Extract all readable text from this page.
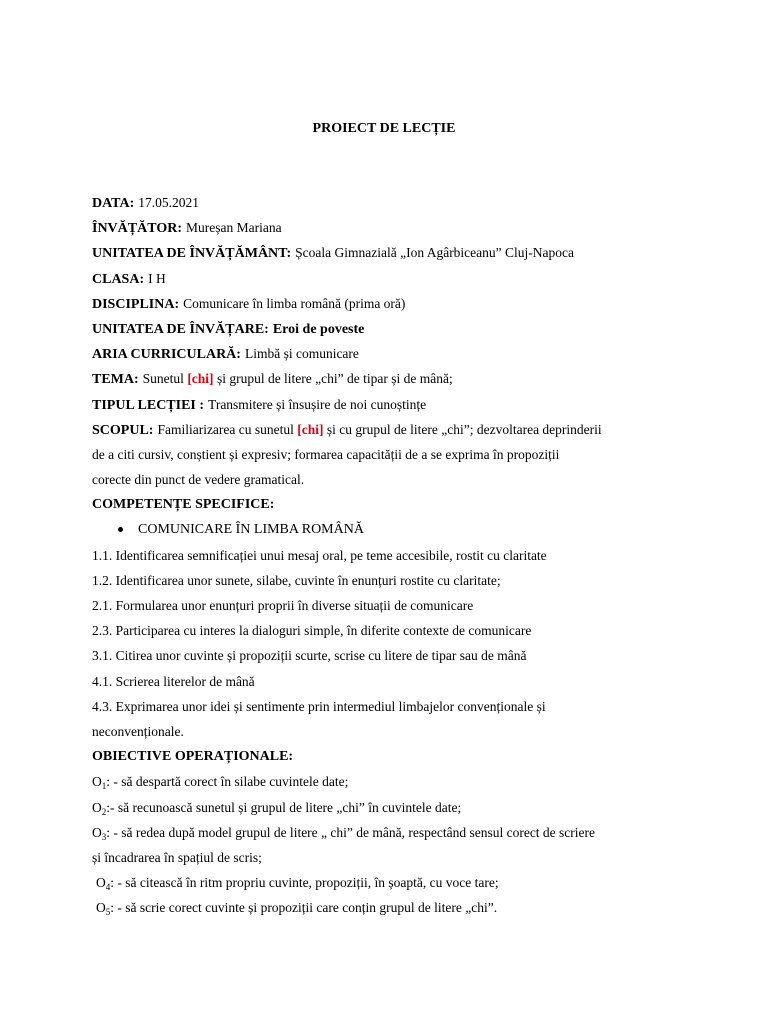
PROIECT DE LECȚIE
DATA: 17.05.2021
ÎNVĂȚĂTOR: Mureșan Mariana
UNITATEA DE ÎNVĂȚĂMÂNT: Școala Gimnazială „Ion Agârbiceanu” Cluj-Napoca
CLASA: I H
DISCIPLINA: Comunicare în limba română (prima oră)
UNITATEA DE ÎNVĂȚARE: Eroi de poveste
ARIA CURRICULARĂ: Limbă și comunicare
TEMA: Sunetul [chi] și grupul de litere „chi” de tipar și de mână;
TIPUL LECȚIEI : Transmitere și însușire de noi cunoștințe
SCOPUL: Familiarizarea cu sunetul [chi] și cu grupul de litere „chi”; dezvoltarea deprinderii
de a citi cursiv, conștient și expresiv; formarea capacității de a se exprima în propoziții
corecte din punct de vedere gramatical.
COMPETENȚE SPECIFICE:
COMUNICARE ÎN LIMBA ROMÂNĂ
1.1. Identificarea semnificației unui mesaj oral, pe teme accesibile, rostit cu claritate
1.2. Identificarea unor sunete, silabe, cuvinte în enunțuri rostite cu claritate;
2.1. Formularea unor enunțuri proprii în diverse situații de comunicare
2.3. Participarea cu interes la dialoguri simple, în diferite contexte de comunicare
3.1. Citirea unor cuvinte și propoziții scurte, scrise cu litere de tipar sau de mână
4.1. Scrierea literelor de mână
4.3. Exprimarea unor idei și sentimente prin intermediul limbajelor convenționale și
neconvenționale.
OBIECTIVE OPERAȚIONALE:
$O_1$: - să despartă corect în silabe cuvintele date;
$O_2:-$ să recunoască sunetul și grupul de litere „chi” în cuvintele date;
$O_3$: - să redea după model grupul de litere „ chi” de mână, respectând sensul corect de scriere
și încadrarea în spațiul de scris;
$O_4$: - să citească în ritm propriu cuvinte, propoziții, în șoaptă, cu voce tare;
$O_5$: - să scrie corect cuvinte și propoziții care conțin grupul de litere „chi”.
